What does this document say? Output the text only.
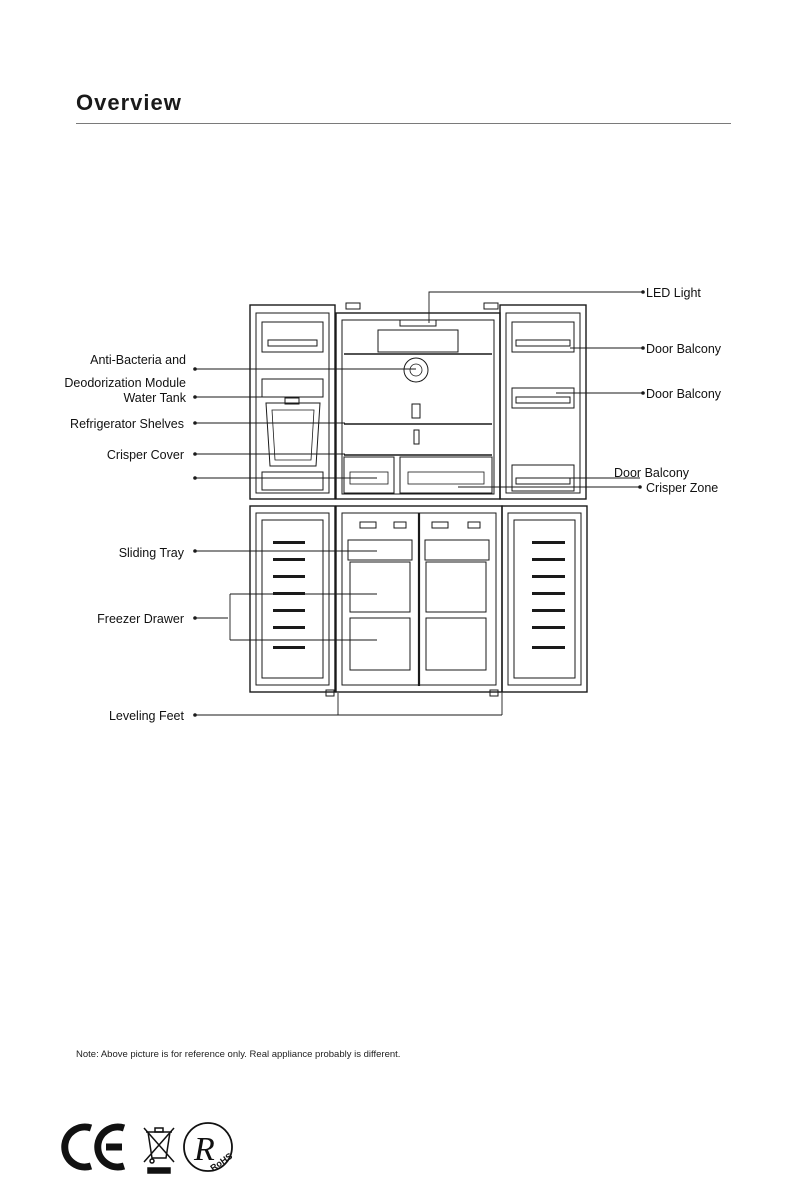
Overview
LED Light
Door Balcony
Door Balcony
Door Balcony
Crisper Zone
Anti-Bacteria and
Deodorization Module
Water Tank
Refrigerator Shelves
Crisper Cover
Sliding Tray
Freezer Drawer
Leveling Feet
Note: Above picture is for reference only. Real appliance probably is different.
R
RoHS
